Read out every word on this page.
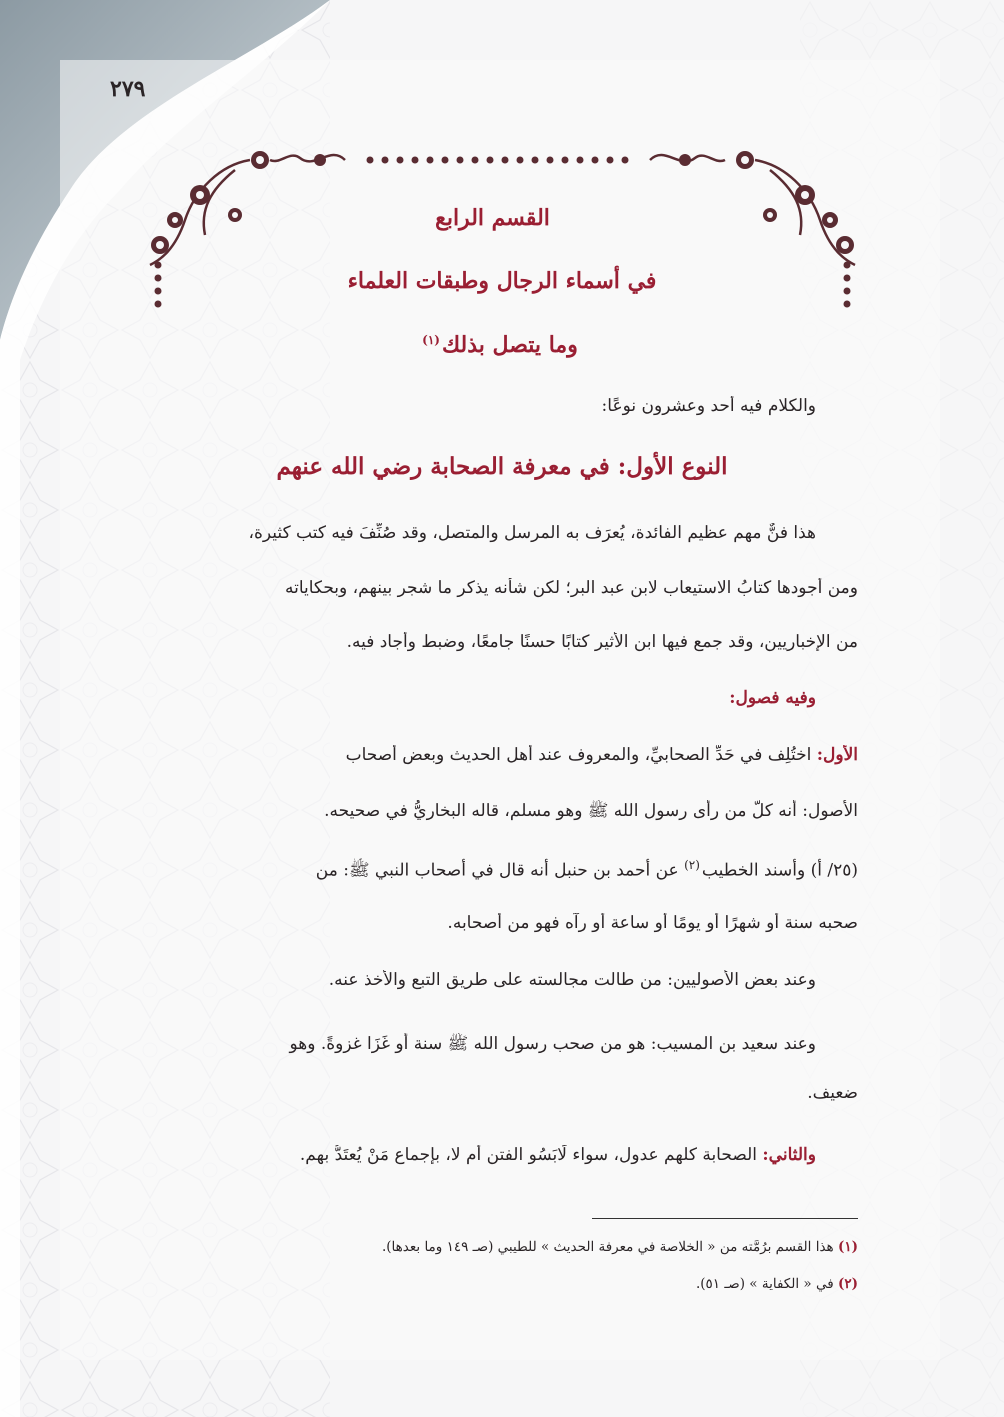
٢٧٩
القسم الرابع
في أسماء الرجال وطبقات العلماء
وما يتصل بذلك$^{(١)}$
والكلام فيه أحد وعشرون نوعًا:
النوع الأول: في معرفة الصحابة رضي الله عنهم
هذا فنٌّ مهم عظيم الفائدة، يُعرَف به المرسل والمتصل، وقد صُنِّفَ فيه كتب كثيرة،
ومن أجودها كتابُ الاستيعاب لابن عبد البر؛ لكن شأنه يذكر ما شجر بينهم، وبحكاياته
من الإخباريين، وقد جمع فيها ابن الأثير كتابًا حسنًا جامعًا، وضبط وأجاد فيه.
وفيه فصول:
الأول: اختُلِف في حَدِّ الصحابيِّ، والمعروف عند أهل الحديث وبعضِ أصحاب
الأصول: أنه كلُّ من رأى رسول الله ﷺ وهو مسلم، قاله البخاريُّ في صحيحه.
(٢٥/ أ) وأسند الخطيب$^{(٢)}$ عن أحمد بن حنبل أنه قال في أصحاب النبي ﷺ: من
صحبه سنة أو شهرًا أو يومًا أو ساعة أو رآه فهو من أصحابه.
وعند بعض الأصوليين: من طالت مجالسته على طريق التبع والأخذ عنه.
وعند سعيد بن المسيب: هو من صحب رسول الله ﷺ سنة أو غَزَا غزوةً. وهو
ضعيف.
والثاني: الصحابة كلهم عدول، سواء لَابَسُو الفتن أم لا، بإجماعِ مَنْ يُعتَدُّ بهم.
(١) هذا القسم برُمَّته من « الخلاصة في معرفة الحديث » للطيبي (صـ ١٤٩ وما بعدها).
(٢) في « الكفاية » (صـ ٥١).
